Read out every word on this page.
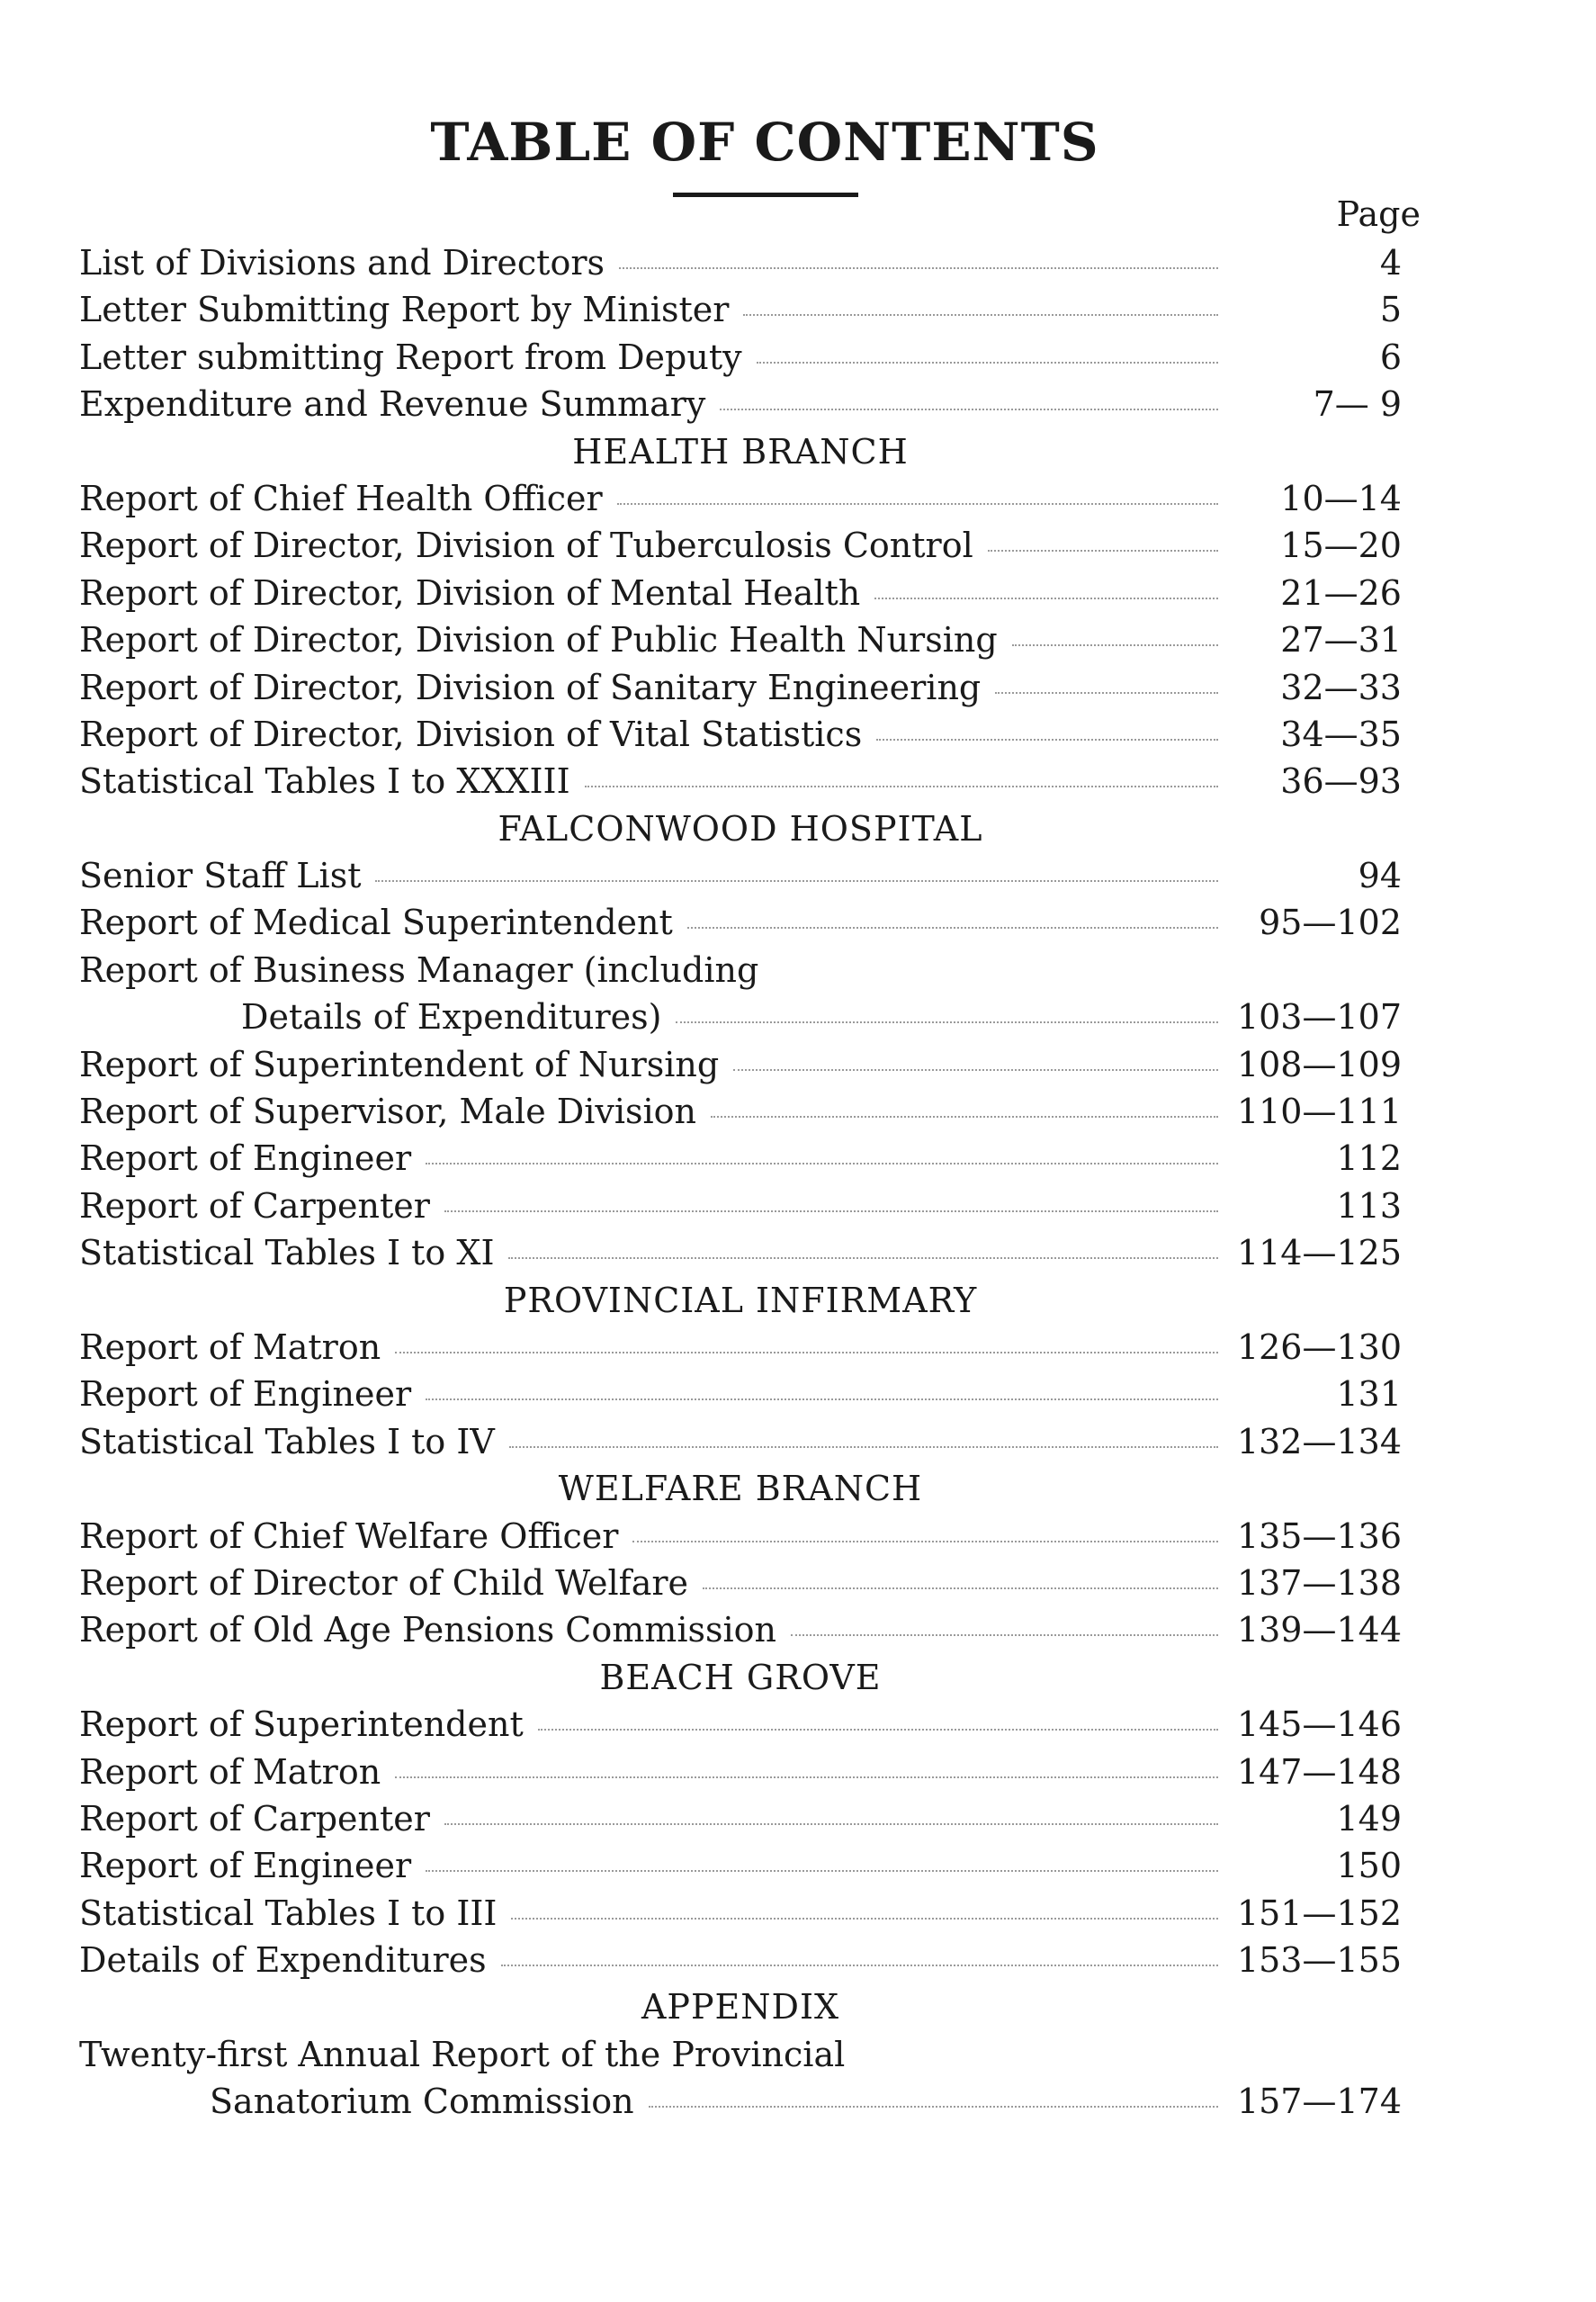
TABLE OF CONTENTS
Page
List of Divisions and Directors	4
Letter Submitting Report by Minister	5
Letter submitting Report from Deputy	6
Expenditure and Revenue Summary	7— 9
HEALTH BRANCH
Report of Chief Health Officer	10—14
Report of Director, Division of Tuberculosis Control	15—20
Report of Director, Division of Mental Health	21—26
Report of Director, Division of Public Health Nursing	27—31
Report of Director, Division of Sanitary Engineering	32—33
Report of Director, Division of Vital Statistics	34—35
Statistical Tables I to XXXIII	36—93
FALCONWOOD HOSPITAL
Senior Staff List	94
Report of Medical Superintendent	95—102
Report of Business Manager (including
Details of Expenditures)	103—107
Report of Superintendent of Nursing	108—109
Report of Supervisor, Male Division	110—111
Report of Engineer	112
Report of Carpenter	113
Statistical Tables I to XI	114—125
PROVINCIAL INFIRMARY
Report of Matron	126—130
Report of Engineer	131
Statistical Tables I to IV	132—134
WELFARE BRANCH
Report of Chief Welfare Officer	135—136
Report of Director of Child Welfare	137—138
Report of Old Age Pensions Commission	139—144
BEACH GROVE
Report of Superintendent	145—146
Report of Matron	147—148
Report of Carpenter	149
Report of Engineer	150
Statistical Tables I to III	151—152
Details of Expenditures	153—155
APPENDIX
Twenty-first Annual Report of the Provincial
Sanatorium Commission	157—174
